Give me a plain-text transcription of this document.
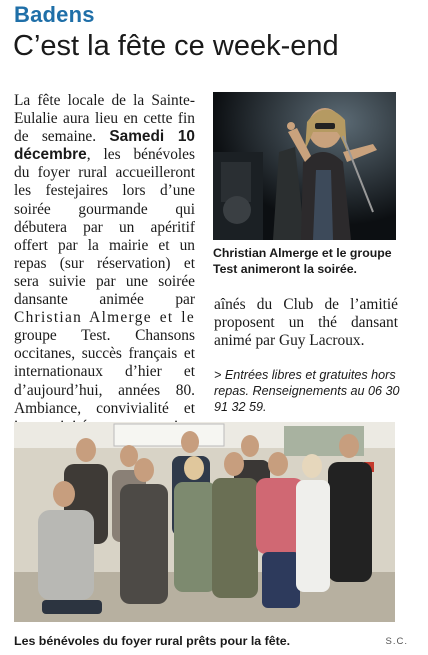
Badens
C’est la fête ce week-end
La fête locale de la Sainte-Eulalie aura lieu en cette fin de semaine. Samedi 10 décembre, les bénévoles du foyer rural accueilleront les festejaires lors d’une soirée gourmande qui débutera par un apéritif offert par la mairie et un repas (sur réservation) et sera suivie par une soirée dansante animée par Christian Almerge et le groupe Test. Chansons occitanes, succès français et internationaux d’hier et d’aujourd’hui, années 80. Ambiance, convivialité et
Christian Almerge et le groupe Test animeront la soirée.
aînés du Club de l’amitié proposent un thé dansant animé par Guy Lacroux.
> Entrées libres et gratuites hors repas. Renseignements au 06 30 91 32 59.
Les bénévoles du foyer rural prêts pour la fête.	S.C.
